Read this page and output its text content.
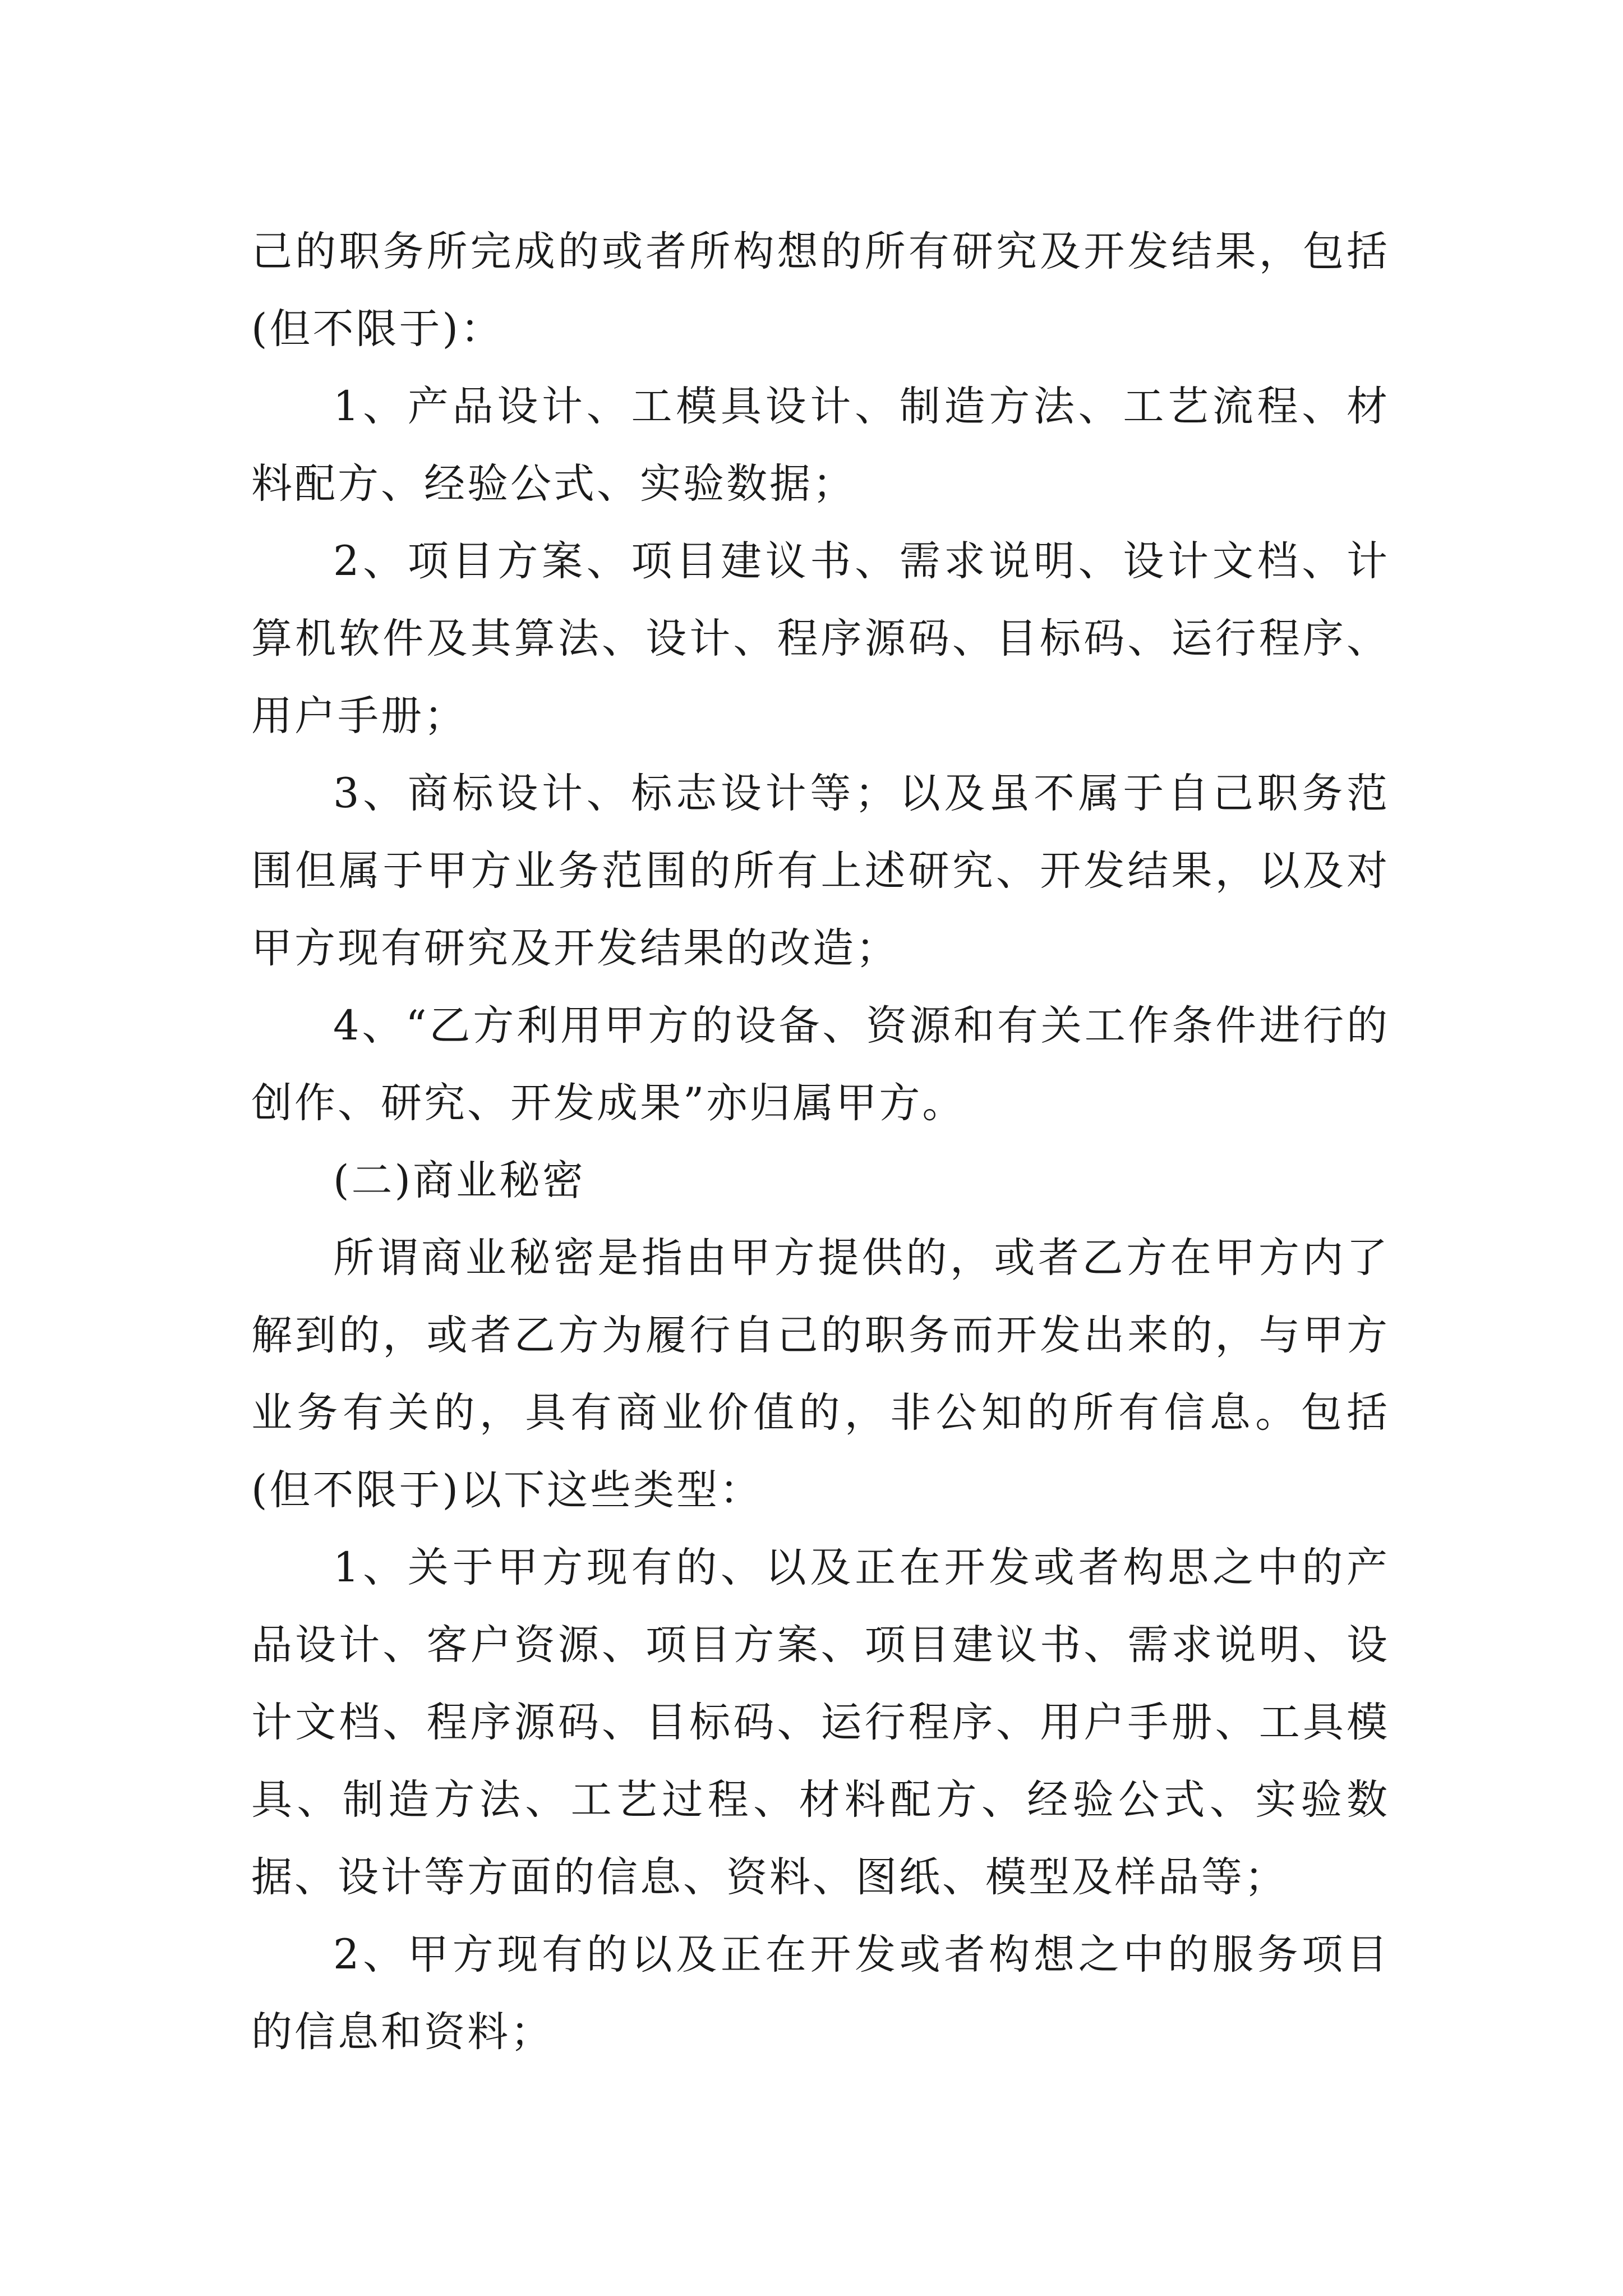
己的职务所完成的或者所构想的所有研究及开发结果，包括(但不限于)：

1、产品设计、工模具设计、制造方法、工艺流程、材料配方、经验公式、实验数据；

2、项目方案、项目建议书、需求说明、设计文档、计算机软件及其算法、设计、程序源码、目标码、运行程序、用户手册；

3、商标设计、标志设计等；以及虽不属于自己职务范围但属于甲方业务范围的所有上述研究、开发结果，以及对甲方现有研究及开发结果的改造；

4、“乙方利用甲方的设备、资源和有关工作条件进行的创作、研究、开发成果”亦归属甲方。

(二)商业秘密

所谓商业秘密是指由甲方提供的，或者乙方在甲方内了解到的，或者乙方为履行自己的职务而开发出来的，与甲方业务有关的，具有商业价值的，非公知的所有信息。包括(但不限于)以下这些类型：

1、关于甲方现有的、以及正在开发或者构思之中的产品设计、客户资源、项目方案、项目建议书、需求说明、设计文档、程序源码、目标码、运行程序、用户手册、工具模具、制造方法、工艺过程、材料配方、经验公式、实验数据、设计等方面的信息、资料、图纸、模型及样品等；

2、甲方现有的以及正在开发或者构想之中的服务项目的信息和资料；
